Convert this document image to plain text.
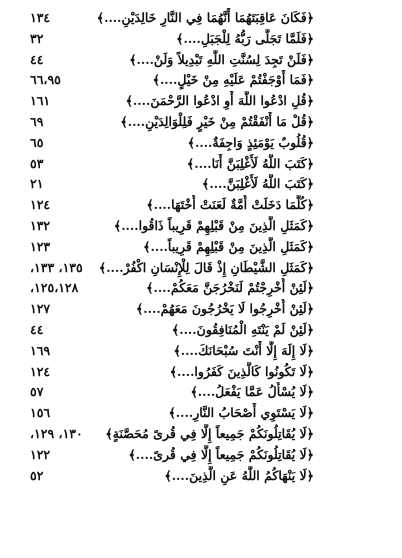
﴿فَكَانَ عَاقِبَتَهُمَا أَنَّهُمَا فِي النَّارِ خَالِدَيْنِ....﴾
١٣٤
﴿فَلَمَّا تَجَلَّى رَبُّهُ لِلْجَبَلِ....﴾
٣٢
﴿فَلَنْ تَجِدَ لِسُنَّتِ اللَّهِ تَبْدِيلاً وَلَنْ....﴾
٤٤
﴿فَمَا أَوْجَفْتُمْ عَلَيْهِ مِنْ خَيْلٍ....﴾
٦٦،٩٥
﴿قُلِ ادْعُوا اللَّهَ أَوِ ادْعُوا الرَّحْمَنَ....﴾
١٦١
﴿قُلْ مَا أَنْفَقْتُمْ مِنْ خَيْرٍ فَلِلْوَالِدَيْنِ....﴾
٦٩
﴿قُلُوبٌ يَوْمَئِذٍ وَاجِفَةٌ....﴾
٦٥
﴿كَتَبَ اللَّهُ لَأَغْلِبَنَّ أَنَا....﴾
٥٣
﴿كَتَبَ اللَّهُ لَأَغْلِبَنَّ....﴾
٢١
﴿كُلَّمَا دَخَلَتْ أُمَّةٌ لَعَنَتْ أُخْتَهَا....﴾
١٢٤
﴿كَمَثَلِ الَّذِينَ مِنْ قَبْلِهِمْ قَرِيباً ذَاقُوا....﴾
١٣٢
﴿كَمَثَلِ الَّذِينَ مِنْ قَبْلِهِمْ قَرِيباً....﴾
١٢٣
﴿كَمَثَلِ الشَّيْطَانِ إِذْ قَالَ لِلْإِنْسَانِ اكْفُرْ....﴾
١٣٥، ١٣٣،
﴿لَئِنْ أُخْرِجْتُمْ لَنَخْرُجَنَّ مَعَكُمْ....﴾
١٢٥،١٢٨،
﴿لَئِنْ أُخْرِجُوا لَا يَخْرُجُونَ مَعَهُمْ....﴾
١٢٧
﴿لَئِنْ لَمْ يَنْتَهِ الْمُنَافِقُونَ....﴾
٤٤
﴿لَا إِلَهَ إِلَّا أَنْتَ سُبْحَانَكَ....﴾
١٦٩
﴿لَا تَكُونُوا كَالَّذِينَ كَفَرُوا....﴾
١٢٤
﴿لَا يُسْأَلُ عَمَّا يَفْعَلُ....﴾
٥٧
﴿لَا يَسْتَوِي أَصْحَابُ النَّارِ....﴾
١٥٦
﴿لَا يُقَاتِلُونَكُمْ جَمِيعاً إِلَّا فِي قُرىً مُحَصَّنَةٍ﴾
١٣٠، ١٢٩،
﴿لَا يُقَاتِلُونَكُمْ جَمِيعاً إِلَّا فِي قُرىً....﴾
١٢٢
﴿لَا يَنْهَاكُمُ اللَّهُ عَنِ الَّذِينَ....﴾
٥٢
